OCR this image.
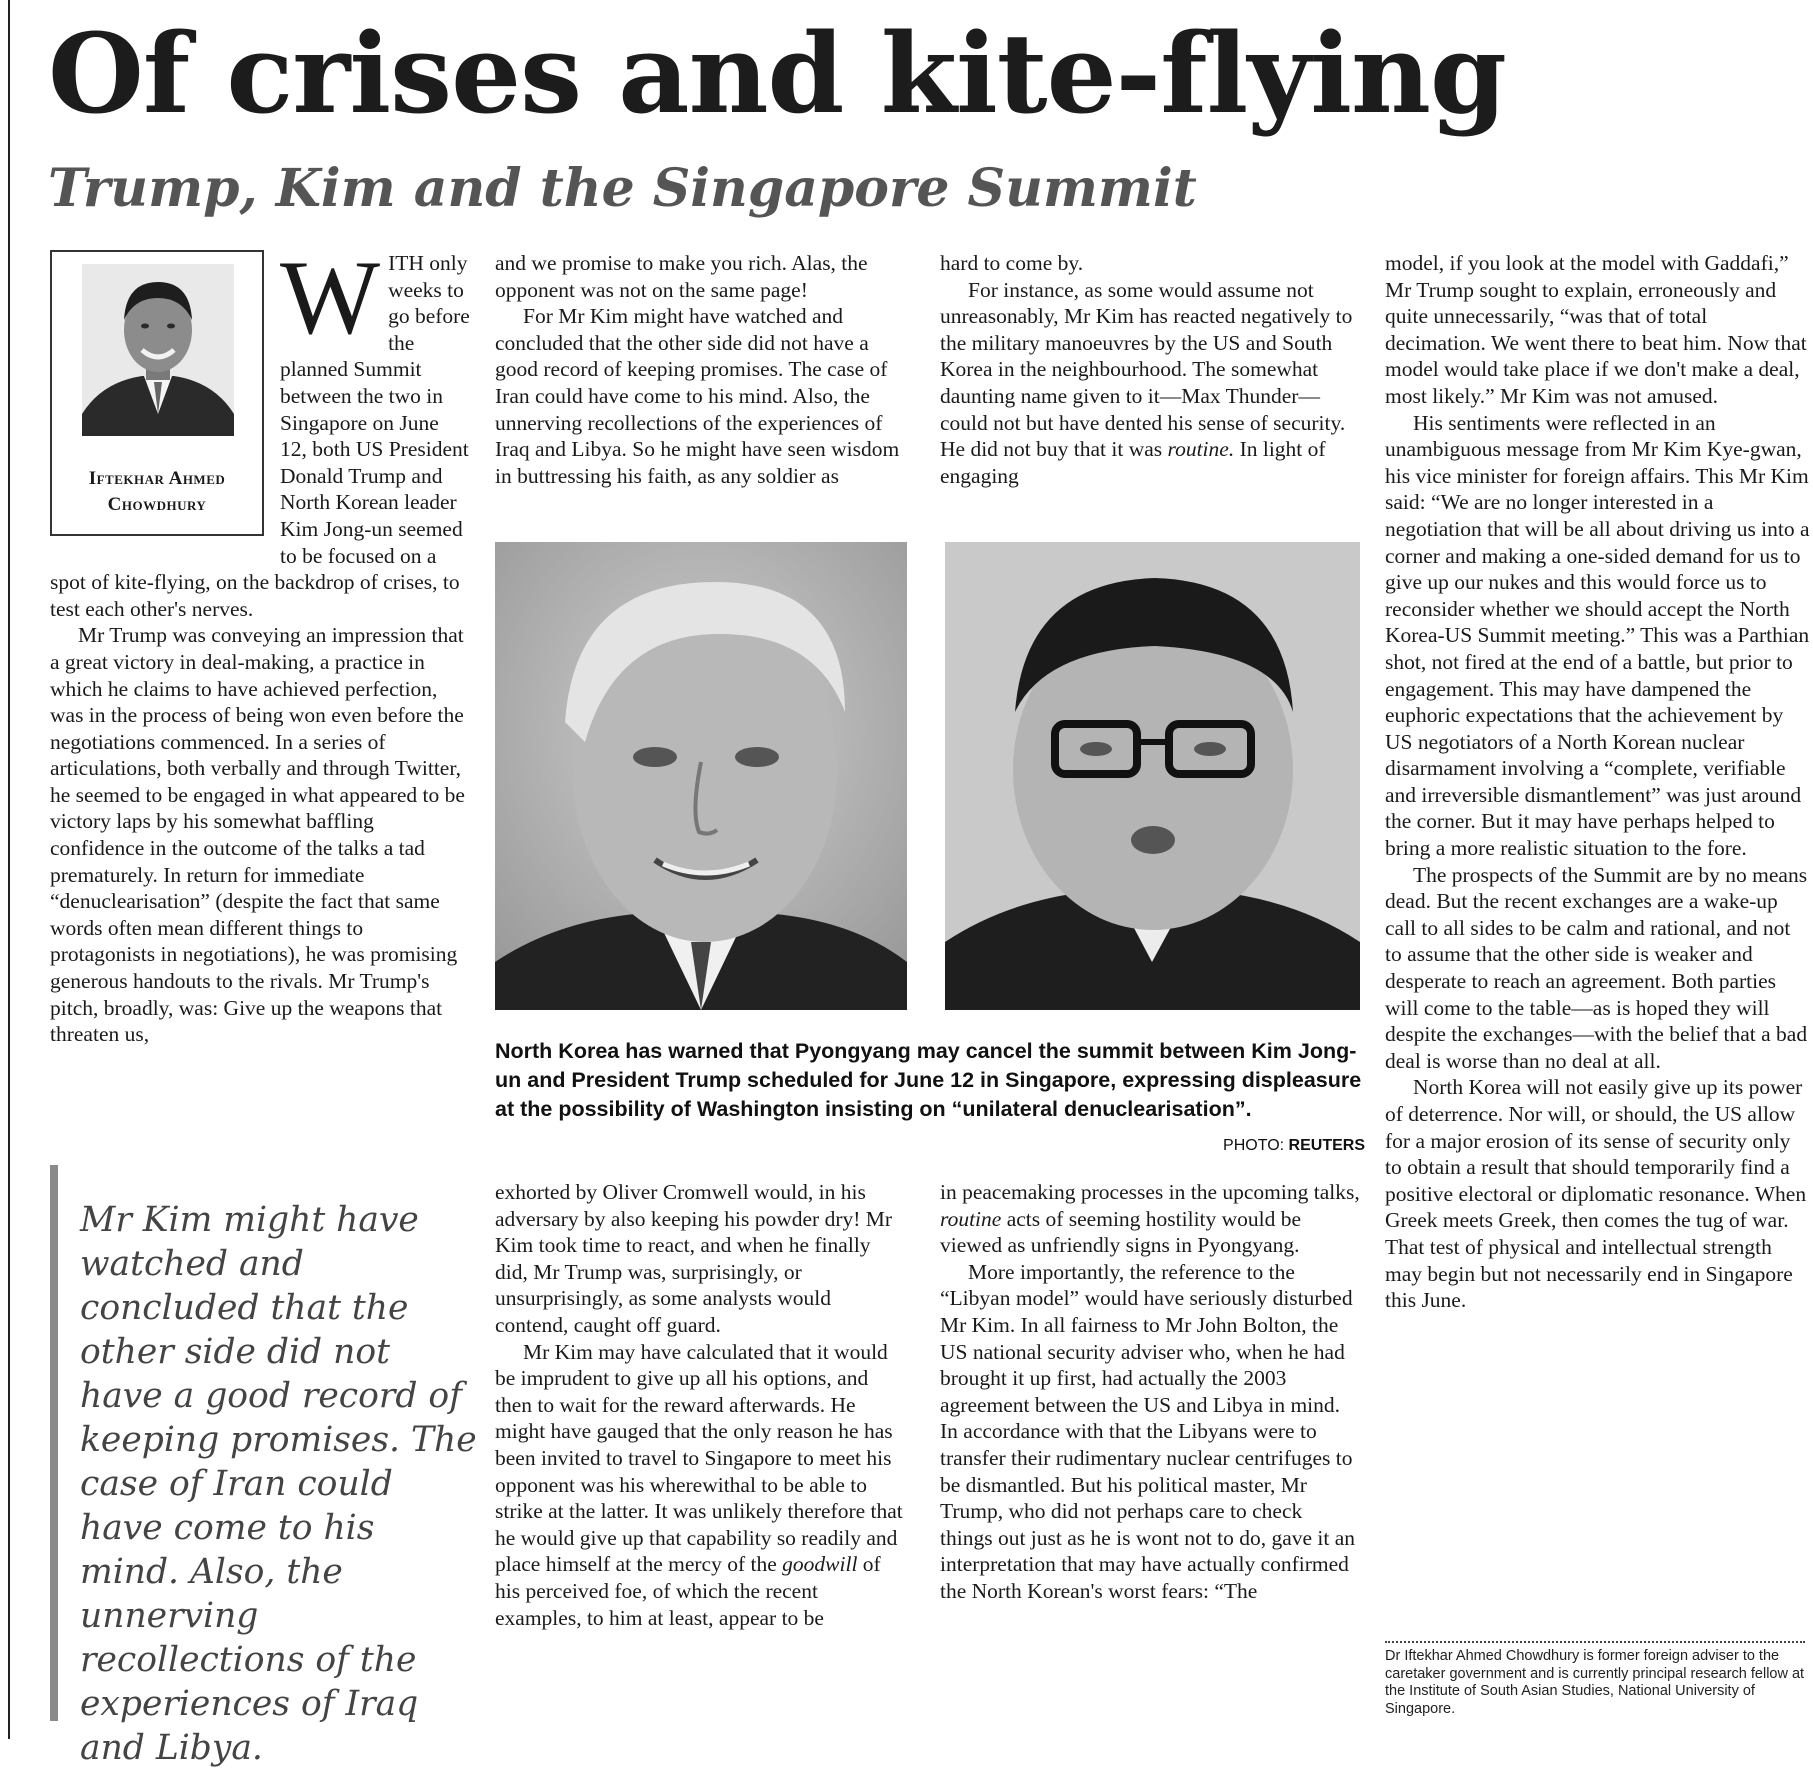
Of crises and kite-flying
Trump, Kim and the Singapore Summit
Iftekhar Ahmed
Chowdhury
W ITH only weeks to go before the planned Summit between the two in Singapore on June 12, both US President Donald Trump and North Korean leader Kim Jong-un seemed to be focused on a spot of kite-flying, on the backdrop of crises, to test each other's nerves.

Mr Trump was conveying an impression that a great victory in deal-making, a practice in which he claims to have achieved perfection, was in the process of being won even before the negotiations commenced. In a series of articulations, both verbally and through Twitter, he seemed to be engaged in what appeared to be victory laps by his somewhat baffling confidence in the outcome of the talks a tad prematurely. In return for immediate “denuclearisation” (despite the fact that same words often mean different things to protagonists in negotiations), he was promising generous handouts to the rivals. Mr Trump's pitch, broadly, was: Give up the weapons that threaten us,

and we promise to make you rich. Alas, the opponent was not on the same page!

For Mr Kim might have watched and concluded that the other side did not have a good record of keeping promises. The case of Iran could have come to his mind. Also, the unnerving recollections of the experiences of Iraq and Libya. So he might have seen wisdom in buttressing his faith, as any soldier as

hard to come by.

For instance, as some would assume not unreasonably, Mr Kim has reacted negatively to the military manoeuvres by the US and South Korea in the neighbourhood. The somewhat daunting name given to it—Max Thunder—could not but have dented his sense of security. He did not buy that it was routine. In light of engaging

North Korea has warned that Pyongyang may cancel the summit between Kim Jong-un and President Trump scheduled for June 12 in Singapore, expressing displeasure at the possibility of Washington insisting on “unilateral denuclearisation”.
PHOTO: REUTERS
Mr Kim might have watched and concluded that the other side did not have a good record of keeping promises. The case of Iran could have come to his mind. Also, the unnerving recollections of the experiences of Iraq and Libya.

exhorted by Oliver Cromwell would, in his adversary by also keeping his powder dry! Mr Kim took time to react, and when he finally did, Mr Trump was, surprisingly, or unsurprisingly, as some analysts would contend, caught off guard.

Mr Kim may have calculated that it would be imprudent to give up all his options, and then to wait for the reward afterwards. He might have gauged that the only reason he has been invited to travel to Singapore to meet his opponent was his wherewithal to be able to strike at the latter. It was unlikely therefore that he would give up that capability so readily and place himself at the mercy of the goodwill of his perceived foe, of which the recent examples, to him at least, appear to be

in peacemaking processes in the upcoming talks, routine acts of seeming hostility would be viewed as unfriendly signs in Pyongyang.

More importantly, the reference to the “Libyan model” would have seriously disturbed Mr Kim. In all fairness to Mr John Bolton, the US national security adviser who, when he had brought it up first, had actually the 2003 agreement between the US and Libya in mind. In accordance with that the Libyans were to transfer their rudimentary nuclear centrifuges to be dismantled. But his political master, Mr Trump, who did not perhaps care to check things out just as he is wont not to do, gave it an interpretation that may have actually confirmed the North Korean's worst fears: “The

model, if you look at the model with Gaddafi,” Mr Trump sought to explain, erroneously and quite unnecessarily, “was that of total decimation. We went there to beat him. Now that model would take place if we don't make a deal, most likely.” Mr Kim was not amused.

His sentiments were reflected in an unambiguous message from Mr Kim Kye-gwan, his vice minister for foreign affairs. This Mr Kim said: “We are no longer interested in a negotiation that will be all about driving us into a corner and making a one-sided demand for us to give up our nukes and this would force us to reconsider whether we should accept the North Korea-US Summit meeting.” This was a Parthian shot, not fired at the end of a battle, but prior to engagement. This may have dampened the euphoric expectations that the achievement by US negotiators of a North Korean nuclear disarmament involving a “complete, verifiable and irreversible dismantlement” was just around the corner. But it may have perhaps helped to bring a more realistic situation to the fore.

The prospects of the Summit are by no means dead. But the recent exchanges are a wake-up call to all sides to be calm and rational, and not to assume that the other side is weaker and desperate to reach an agreement. Both parties will come to the table—as is hoped they will despite the exchanges—with the belief that a bad deal is worse than no deal at all.

North Korea will not easily give up its power of deterrence. Nor will, or should, the US allow for a major erosion of its sense of security only to obtain a result that should temporarily find a positive electoral or diplomatic resonance. When Greek meets Greek, then comes the tug of war. That test of physical and intellectual strength may begin but not necessarily end in Singapore this June.

Dr Iftekhar Ahmed Chowdhury is former foreign adviser to the caretaker government and is currently principal research fellow at the Institute of South Asian Studies, National University of Singapore.
